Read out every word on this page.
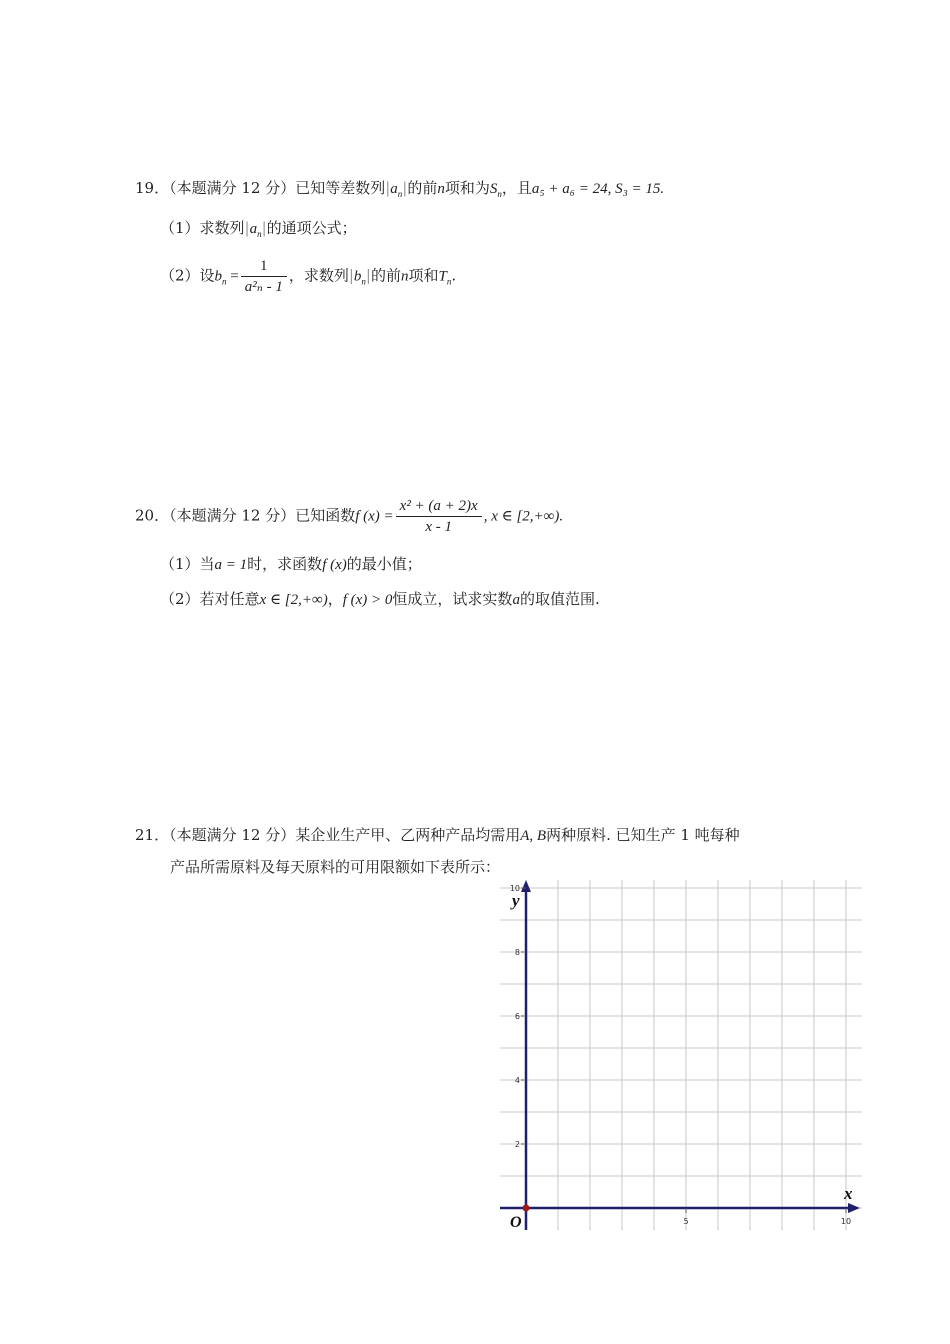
19．（本题满分 12 分）已知等差数列$|a_n|$的前n项和为$S_n$，且a₅ + a₆ = 24, S₃ = 15.
（1）求数列$|a_n|$的通项公式；
（2）设$b_n = \frac{1}{\text{a²ₙ - 1}}$ ，求数列$|b_n|$的前n项和$T_n$.
20．（本题满分 12 分）已知函数f $(x) = \frac{\text{x² + (a + 2)x}}{x - 1}$ , x ∈ [2,+∞).
（1）当a = 1时，求函数f (x)的最小值；
（2）若对任意x ∈ [2,+∞)，f (x) > 0恒成立，试求实数a的取值范围.
21．（本题满分 12 分）某企业生产甲、乙两种产品均需用A, B两种原料. 已知生产 1 吨每种
产品所需原料及每天原料的可用限额如下表所示：
2
4
6
8
10
5	10
x
y
O
